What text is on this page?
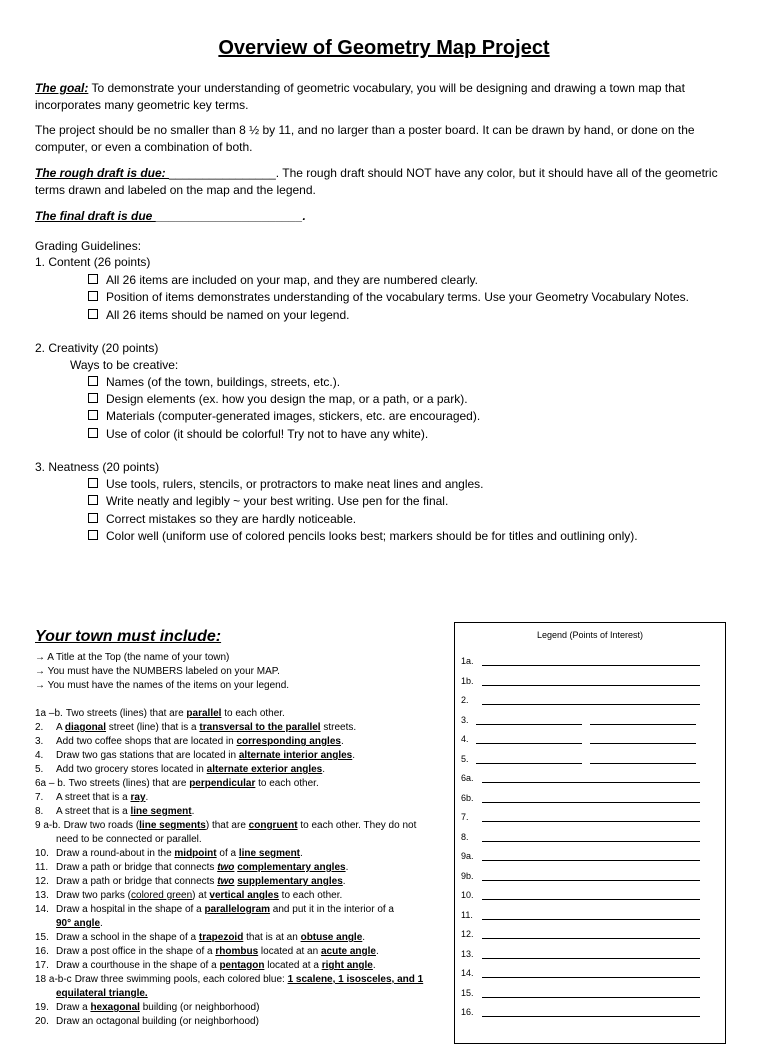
Overview of Geometry Map Project
The goal: To demonstrate your understanding of geometric vocabulary, you will be designing and drawing a town map that incorporates many geometric key terms.
The project should be no smaller than 8 ½ by 11, and no larger than a poster board. It can be drawn by hand, or done on the computer, or even a combination of both.
The rough draft is due: ________________. The rough draft should NOT have any color, but it should have all of the geometric terms drawn and labeled on the map and the legend.
The final draft is due ______________________.
Grading Guidelines:
1. Content (26 points)
All 26 items are included on your map, and they are numbered clearly.
Position of items demonstrates understanding of the vocabulary terms. Use your Geometry Vocabulary Notes.
All 26 items should be named on your legend.
2. Creativity (20 points)
Ways to be creative:
Names (of the town, buildings, streets, etc.).
Design elements (ex. how you design the map, or a path, or a park).
Materials (computer-generated images, stickers, etc. are encouraged).
Use of color (it should be colorful! Try not to have any white).
3. Neatness (20 points)
Use tools, rulers, stencils, or protractors to make neat lines and angles.
Write neatly and legibly ~ your best writing. Use pen for the final.
Correct mistakes so they are hardly noticeable.
Color well (uniform use of colored pencils looks best; markers should be for titles and outlining only).
Your town must include:	Legend (Points of Interest)
1a.
1b.
2.
3.
4.
5.
6a.
6b.
7.
8.
9a.
9b.
10.
11.
12.
13.
14.
15.
16.
→ A Title at the Top (the name of your town)
→ You must have the NUMBERS labeled on your MAP.
→ You must have the names of the items on your legend.
1a –b.Two streets (lines) that are parallel to each other.
2.A diagonal street (line) that is a transversal to the parallel streets.
3.Add two coffee shops that are located in corresponding angles.
4.Draw two gas stations that are located in alternate interior angles.
5.Add two grocery stores located in alternate exterior angles.
6a – b.Two streets (lines) that are perpendicular to each other.
7.A street that is a ray.
8.A street that is a line segment.
9 a-b.Draw two roads (line segments) that are congruent to each other. They do not
need to be connected or parallel.
10.Draw a round-about in the midpoint of a line segment.
11.Draw a path or bridge that connects two complementary angles.
12.Draw a path or bridge that connects two supplementary angles.
13.Draw two parks (colored green) at vertical angles to each other.
14.Draw a hospital in the shape of a parallelogram and put it in the interior of a
90° angle.
15.Draw a school in the shape of a trapezoid that is at an obtuse angle.
16.Draw a post office in the shape of a rhombus located at an acute angle.
17.Draw a courthouse in the shape of a pentagon located at a right angle.
18 a-b-cDraw three swimming pools, each colored blue: 1 scalene, 1 isosceles, and 1
equilateral triangle.
19.Draw a hexagonal building (or neighborhood)
20.Draw an octagonal building (or neighborhood)
